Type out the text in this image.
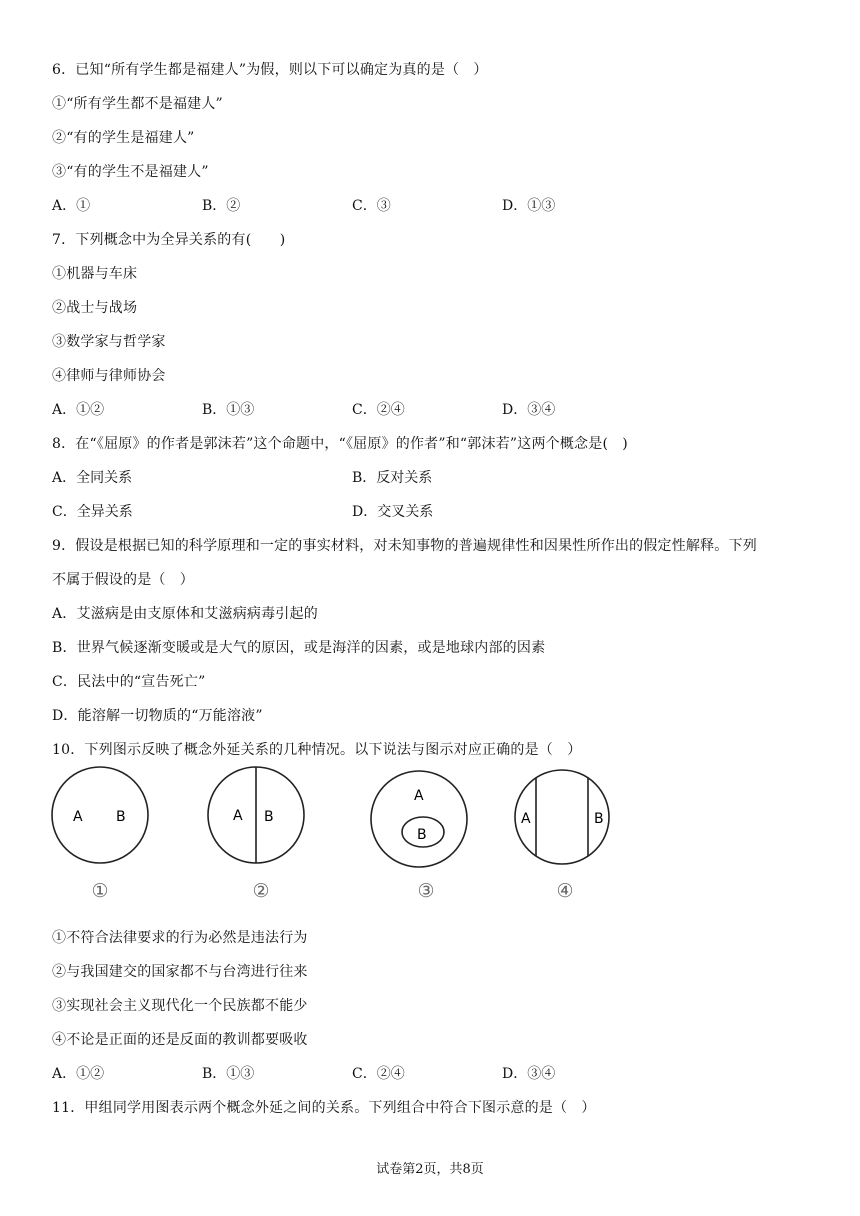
6．已知“所有学生都是福建人”为假，则以下可以确定为真的是（　）
①“所有学生都不是福建人”
②“有的学生是福建人”
③“有的学生不是福建人”
A．①	B．②	C．③	D．①③
7．下列概念中为全异关系的有(　　)
①机器与车床
②战士与战场
③数学家与哲学家
④律师与律师协会
A．①②	B．①③	C．②④	D．③④
8．在“《屈原》的作者是郭沫若”这个命题中，“《屈原》的作者”和“郭沫若”这两个概念是(　)
A．全同关系	B．反对关系
C．全异关系	D．交叉关系
9．假设是根据已知的科学原理和一定的事实材料，对未知事物的普遍规律性和因果性所作出的假定性解释。下列
不属于假设的是（　）
A．艾滋病是由支原体和艾滋病病毒引起的
B．世界气候逐渐变暖或是大气的原因，或是海洋的因素，或是地球内部的因素
C．民法中的“宣告死亡”
D．能溶解一切物质的“万能溶液”
10．下列图示反映了概念外延关系的几种情况。以下说法与图示对应正确的是（　）
A B
①
A B
②
A
B
③
A	B
④
①不符合法律要求的行为必然是违法行为
②与我国建交的国家都不与台湾进行往来
③实现社会主义现代化一个民族都不能少
④不论是正面的还是反面的教训都要吸收
A．①②	B．①③	C．②④	D．③④
11．甲组同学用图表示两个概念外延之间的关系。下列组合中符合下图示意的是（　）
试卷第2页，共8页
